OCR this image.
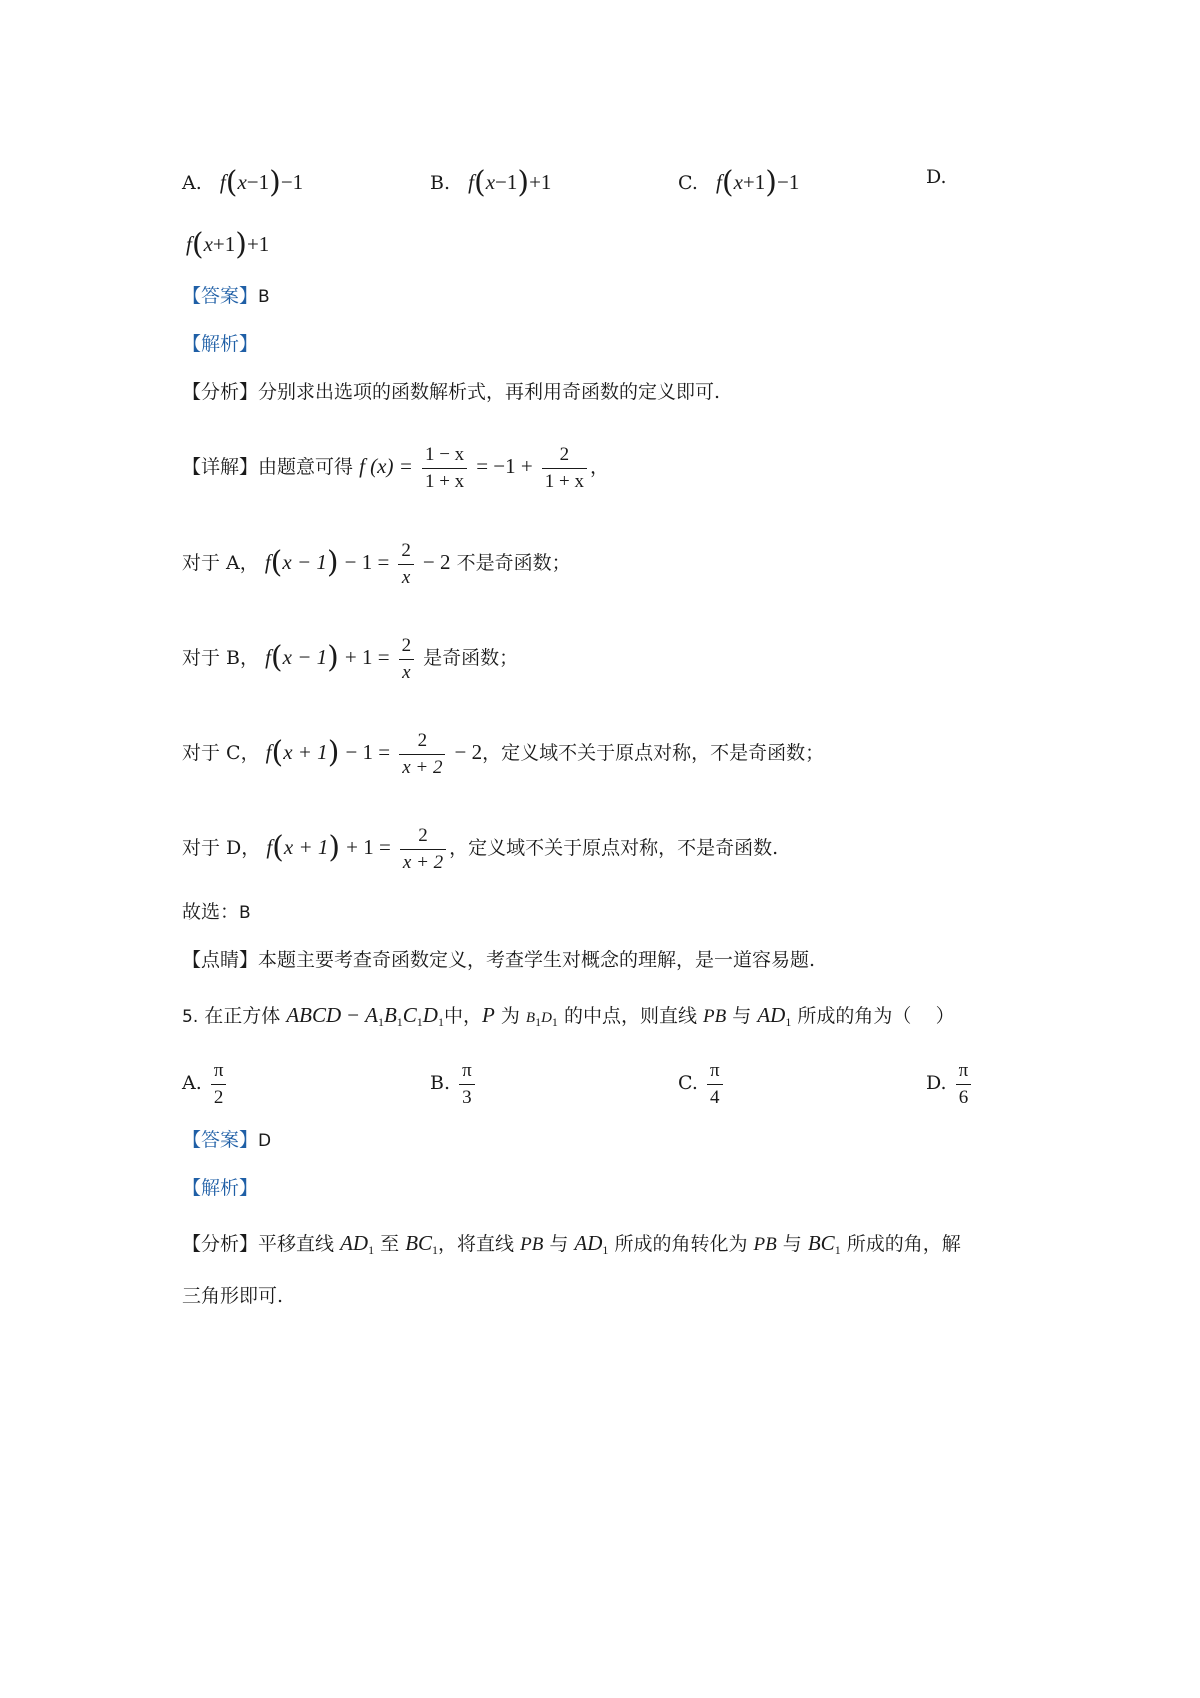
A. f(x−1)−1	B. f(x−1)+1	C. f(x+1)−1	D.
f(x+1)+1
【答案】B
【解析】
【分析】分别求出选项的函数解析式，再利用奇函数的定义即可.
【详解】由题意可得 f $(x) = \frac{1 - x}{1 + x} = -1 + \frac{2}{1 + x}$ ，
对于 A， $f(x - 1) - 1 = \frac{2}{x} - 2$ 不是奇函数；
对于 B， $f(x - 1) + 1 = \frac{2}{x}$ 是奇函数；
对于 C， $f(x + 1) - 1 = \frac{2}{x + 2} - 2$，定义域不关于原点对称，不是奇函数；
对于 D， $f(x + 1) + 1 = \frac{2}{x + 2}$ ，定义域不关于原点对称，不是奇函数.
故选：B
【点睛】本题主要考查奇函数定义，考查学生对概念的理解，是一道容易题.
5. 在正方体 ABCD − $A_1B_1C_1D_1$中，P 为 $B_1D_1$ 的中点，则直线 PB 与 $AD_1$ 所成的角为（ ）
A. $\frac{\pi}{2}$	B. $\frac{\pi}{3}$	C. $\frac{\pi}{4}$	D. $\frac{\pi}{6}$
【答案】D
【解析】
【分析】平移直线 $AD_1$ 至 $BC_1$，将直线 PB 与 $AD_1$ 所成的角转化为 PB 与 $BC_1$ 所成的角，解
三角形即可.
